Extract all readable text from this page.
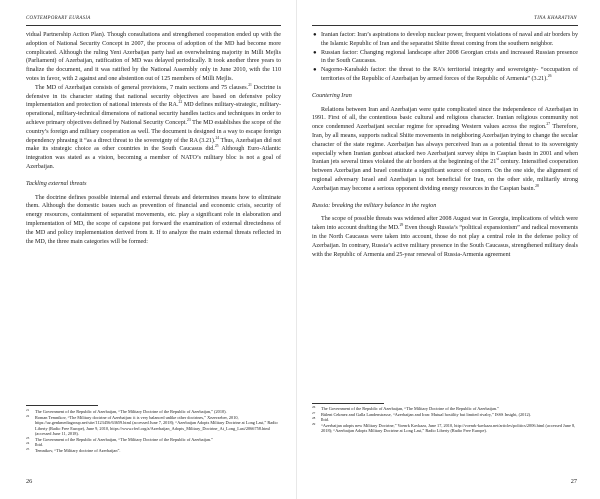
CONTEMPORARY EURASIA

vidual Partnership Action Plan). Though consultations and strengthened cooperation ended up with the adoption of National Security Concept in 2007, the process of adoption of the MD had become more complicated. Although the ruling Yeni Azerbaijan party had an overwhelming majority in Milli Mejlis (Parliament) of Azerbaijan, ratification of MD was delayed periodically. It took another three years to finalize the document, and it was ratified by the National Assembly only in June 2010, with the 110 votes in favor, with 2 against and one abstention out of 125 members of Milli Mejlis.

The MD of Azerbaijan consists of general provisions, 7 main sections and 75 clauses.$^{21}$ Doctrine is defensive in its character stating that national security objectives are based on defensive policy implementation and protection of national interests of the RA.$^{22}$ MD defines military-strategic, military-operational, military-technical dimensions of national security handles tactics and techniques in order to achieve primary objectives defined by National Security Concept.$^{23}$ The MD establishes the scope of the country’s foreign and military cooperation as well. The document is designed in a way to escape foreign dependency phrasing it “as a direct threat to the sovereignty of the RA (3.21).$^{24}$ Thus, Azerbaijan did not make its strategic choice as other countries in the South Caucasus did.$^{25}$ Although Euro-Atlantic integration was stated as a vision, becoming a member of NATO’s military bloc is not a goal of Azerbaijan.

Tackling external threats

The doctrine defines possible internal and external threats and determines means how to eliminate them. Although the domestic issues such as prevention of financial and economic crisis, security of energy resources, containment of separatist movements, etc. play a significant role in elaboration and implementation of MD, the scope of capstone put forward the examination of external directedness of the MD and policy implementation derived from it. If to analyze the main external threats reflected in the MD, the three main categories will be formed:

21 The Government of the Republic of Azerbaijan, “The Military Doctrine of the Republic of Azerbaijan,” (2010).
22 Roman Temnikov, “The Military doctrine of Azerbaijan: it is very balanced unlike other doctrines,” Xezerxeber, 2010, https://az.genkmediagroup.net/site/1123456/63659.html (accessed June 7, 2018); “Azerbaijan Adopts Military Doctrine at Long Last,” Radio Liberty (Radio Free Europe), June 9, 2010, https://www.rferl.org/a/Azerbaijan_Adopts_Military_Doctrine_At_Long_Last/2066758.html (accessed June 11, 2018).
23 The Government of the Republic of Azerbaijan, “The Military Doctrine of the Republic of Azerbaijan.”
24 Ibid.
25 Temnikov, “The Military doctrine of Azerbaijan”.
26
TINA KHARATYAN
● Iranian factor: Iran’s aspirations to develop nuclear power, frequent violations of naval and air borders by the Islamic Republic of Iran and the separatist Shiite threat coming from the southern neighbor.
● Russian factor: Changing regional landscape after 2008 Georgian crisis and increased Russian presence in the South Caucasus.
● Nagorno-Karabakh factor: the threat to the RA’s territorial integrity and sovereignty- “occupation of territories of the Republic of Azerbaijan by armed forces of the Republic of Armenia” (3.21).$^{26}$
Countering Iran

Relations between Iran and Azerbaijan were quite complicated since the independence of Azerbaijan in 1991. First of all, the contentious basic cultural and religious character. Iranian religious community not once condemned Azerbaijani secular regime for spreading Western values across the region.$^{27}$ Therefore, Iran, by all means, supports radical Shiite movements in neighboring Azerbaijan trying to change the secular character of the state regime. Azerbaijan has always perceived Iran as a potential threat to its sovereignty especially when Iranian gunboat attacked two Azerbaijani survey ships in Caspian basin in 2001 and when Iranian jets several times violated the air borders at the beginning of the 21st century. Intensified cooperation between Azerbaijan and Israel constitute a significant source of concern. On the one side, the alignment of regional adversary Israel and Azerbaijan is not beneficial for Iran, on the other side, militarily strong Azerbaijan may become a serious opponent dividing energy resources in the Caspian basin.$^{28}$

Russia: breaking the military balance in the region

The scope of possible threats was widened after 2008 August war in Georgia, implications of which were taken into account drafting the MD.$^{29}$ Even though Russia’s “political expansionism” and radical movements in the North Caucasus were taken into account, those do not play a central role in the defense policy of Azerbaijan. In contrary, Russia’s active military presence in the South Caucasus, strengthened military deals with the Republic of Armenia and 25-year renewal of Russia-Armenia agreement

26 The Government of the Republic of Azerbaijan, “The Military Doctrine of the Republic of Azerbaijan.”
27 Bülent Cekmez and Galla Landenstrasse, “Azerbaijan and Iran: Mutual hostility but limited rivalry,” ISSS Insight, (2012).
28 Ibid.
29 “Azerbaijan adopts new Military Doctrine,” Voenrk Kavkaza, June 17, 2010, http://voenrk-kavkaza.net/articles/politics/2006.html (accessed June 8, 2018); “Azerbaijan Adopts Military Doctrine at Long Last,” Radio Liberty (Radio Free Europe).
27
